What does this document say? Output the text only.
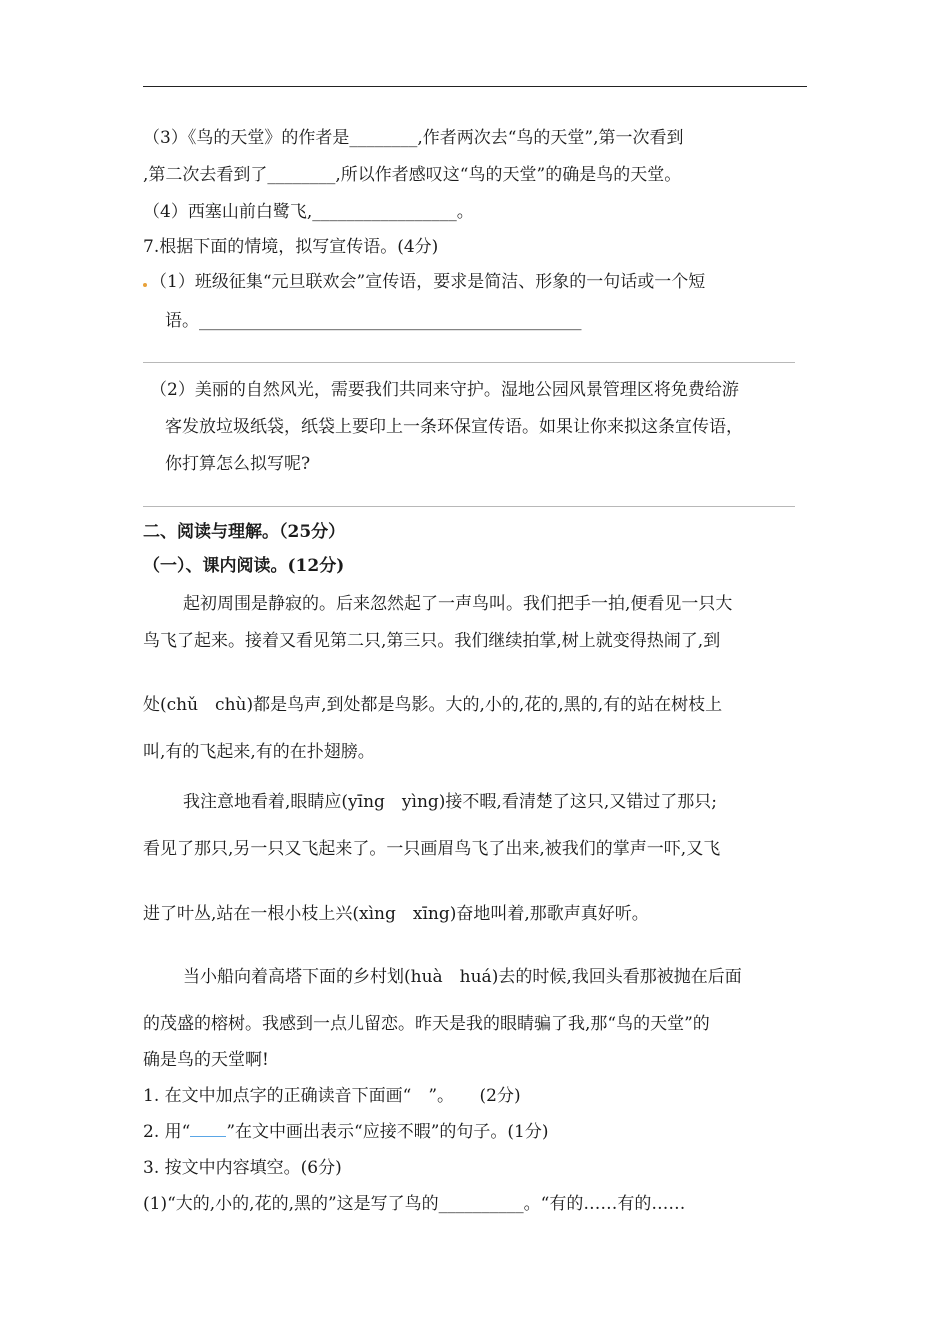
（3）《鸟的天堂》的作者是________,作者两次去“鸟的天堂”,第一次看到
,第二次去看到了________,所以作者感叹这“鸟的天堂”的确是鸟的天堂。
（4）西塞山前白鹭飞,_________________。
7.根据下面的情境，拟写宣传语。(4分)
（1）班级征集“元旦联欢会”宣传语，要求是简洁、形象的一句话或一个短
语。_____________________________________________
（2）美丽的自然风光，需要我们共同来守护。湿地公园风景管理区将免费给游
客发放垃圾纸袋，纸袋上要印上一条环保宣传语。如果让你来拟这条宣传语，
你打算怎么拟写呢?
二、阅读与理解。（25分）
（一）、课内阅读。(12分)
起初周围是静寂的。后来忽然起了一声鸟叫。我们把手一拍,便看见一只大
鸟飞了起来。接着又看见第二只,第三只。我们继续拍掌,树上就变得热闹了,到
处(chǔ　chù)都是鸟声,到处都是鸟影。大的,小的,花的,黑的,有的站在树枝上
叫,有的飞起来,有的在扑翅膀。
我注意地看着,眼睛应(yīng　yìng)接不暇,看清楚了这只,又错过了那只;
看见了那只,另一只又飞起来了。一只画眉鸟飞了出来,被我们的掌声一吓,又飞
进了叶丛,站在一根小枝上兴(xìng　xīng)奋地叫着,那歌声真好听。
当小船向着高塔下面的乡村划(huà　huá)去的时候,我回头看那被抛在后面
的茂盛的榕树。我感到一点儿留恋。昨天是我的眼睛骗了我,那“鸟的天堂”的
确是鸟的天堂啊!
1. 在文中加点字的正确读音下面画“　”。　　(2分)
2. 用“ ”在文中画出表示“应接不暇”的句子。(1分)
3. 按文中内容填空。(6分)
(1)“大的,小的,花的,黑的”这是写了鸟的__________。“有的……有的……
